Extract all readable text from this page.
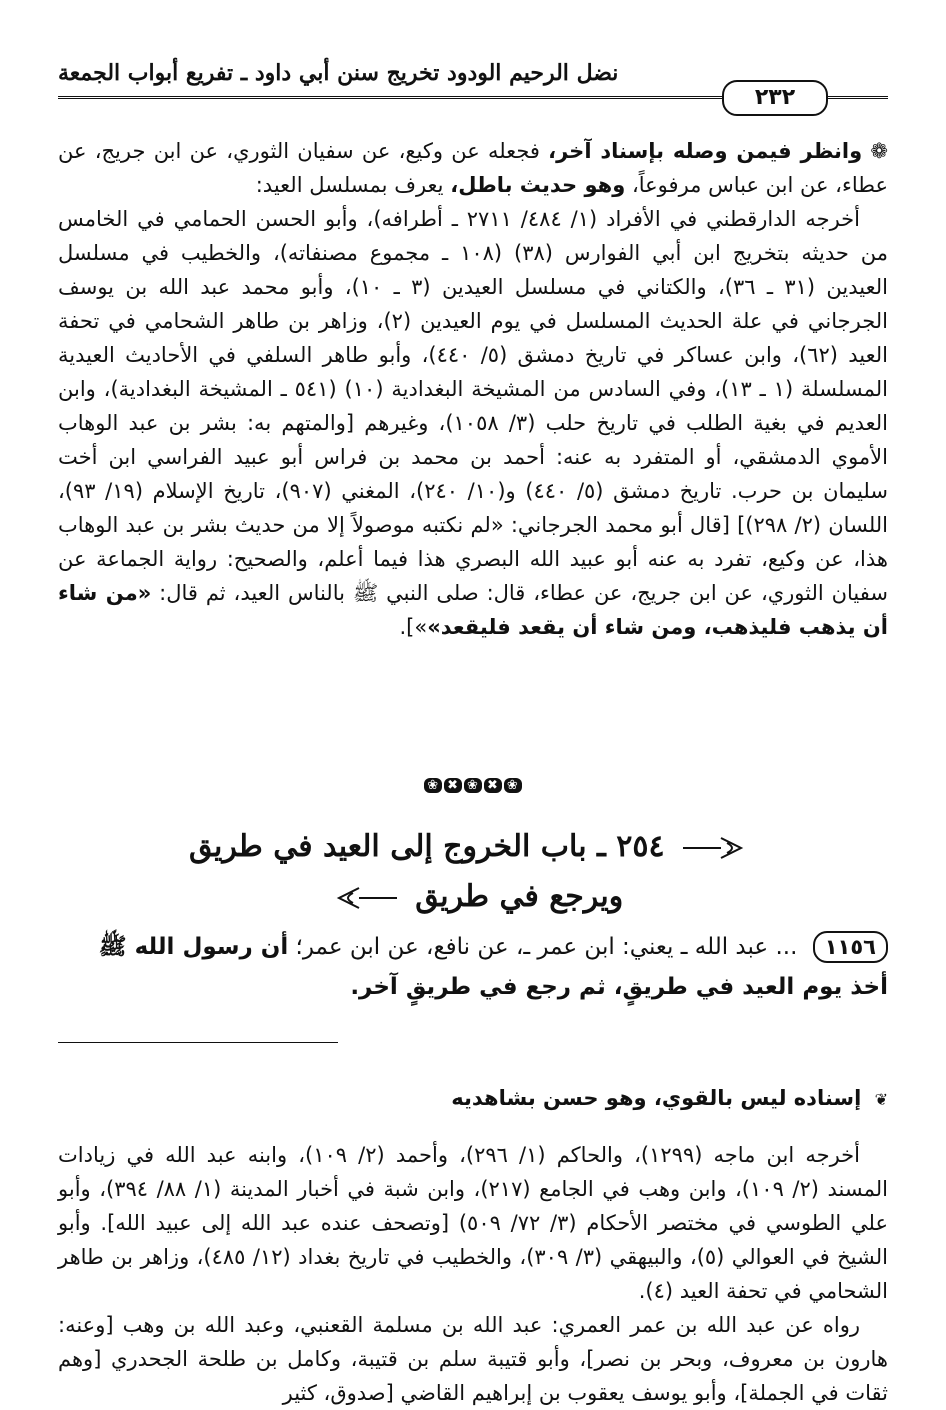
نضل الرحيم الودود تخريج سنن أبي داود ـ تفريع أبواب الجمعة
٢٣٢

❁ وانظر فيمن وصله بإسناد آخر، فجعله عن وكيع، عن سفيان الثوري، عن ابن جريج، عن عطاء، عن ابن عباس مرفوعاً، وهو حديث باطل، يعرف بمسلسل العيد:

أخرجه الدارقطني في الأفراد (١/ ٤٨٤/ ٢٧١١ ـ أطرافه)، وأبو الحسن الحمامي في الخامس من حديثه بتخريج ابن أبي الفوارس (٣٨) (١٠٨ ـ مجموع مصنفاته)، والخطيب في مسلسل العيدين (٣١ ـ ٣٦)، والكتاني في مسلسل العيدين (٣ ـ ١٠)، وأبو محمد عبد الله بن يوسف الجرجاني في علة الحديث المسلسل في يوم العيدين (٢)، وزاهر بن طاهر الشحامي في تحفة العيد (٦٢)، وابن عساكر في تاريخ دمشق (٥/ ٤٤٠)، وأبو طاهر السلفي في الأحاديث العيدية المسلسلة (١ ـ ١٣)، وفي السادس من المشيخة البغدادية (١٠) (٥٤١ ـ المشيخة البغدادية)، وابن العديم في بغية الطلب في تاريخ حلب (٣/ ١٠٥٨)، وغيرهم [والمتهم به: بشر بن عبد الوهاب الأموي الدمشقي، أو المتفرد به عنه: أحمد بن محمد بن فراس أبو عبيد الفراسي ابن أخت سليمان بن حرب. تاريخ دمشق (٥/ ٤٤٠) و(١٠/ ٢٤٠)، المغني (٩٠٧)، تاريخ الإسلام (١٩/ ٩٣)، اللسان (٢/ ٢٩٨)] [قال أبو محمد الجرجاني: «لم نكتبه موصولاً إلا من حديث بشر بن عبد الوهاب هذا، عن وكيع، تفرد به عنه أبو عبيد الله البصري هذا فيما أعلم، والصحيح: رواية الجماعة عن سفيان الثوري، عن ابن جريج، عن عطاء، قال: صلى النبي ﷺ بالناس العيد، ثم قال: «من شاء أن يذهب فليذهب، ومن شاء أن يقعد فليقعد»»].

❀✖❀✖❀
٢٥٤ ـ باب الخروج إلى العيد في طريق
ويرجع في طريق
١١٥٦ ... عبد الله ـ يعني: ابن عمر ـ، عن نافع، عن ابن عمر؛ أن رسول الله ﷺ أخذ يوم العيد في طريقٍ، ثم رجع في طريقٍ آخر.

❦ إسناده ليس بالقوي، وهو حسن بشاهديه

أخرجه ابن ماجه (١٢٩٩)، والحاكم (١/ ٢٩٦)، وأحمد (٢/ ١٠٩)، وابنه عبد الله في زيادات المسند (٢/ ١٠٩)، وابن وهب في الجامع (٢١٧)، وابن شبة في أخبار المدينة (١/ ٨٨/ ٣٩٤)، وأبو علي الطوسي في مختصر الأحكام (٣/ ٧٢/ ٥٠٩) [وتصحف عنده عبد الله إلى عبيد الله]. وأبو الشيخ في العوالي (٥)، والبيهقي (٣/ ٣٠٩)، والخطيب في تاريخ بغداد (١٢/ ٤٨٥)، وزاهر بن طاهر الشحامي في تحفة العيد (٤).

رواه عن عبد الله بن عمر العمري: عبد الله بن مسلمة القعنبي، وعبد الله بن وهب [وعنه: هارون بن معروف، وبحر بن نصر]، وأبو قتيبة سلم بن قتيبة، وكامل بن طلحة الجحدري [وهم ثقات في الجملة]، وأبو يوسف يعقوب بن إبراهيم القاضي [صدوق، كثير
